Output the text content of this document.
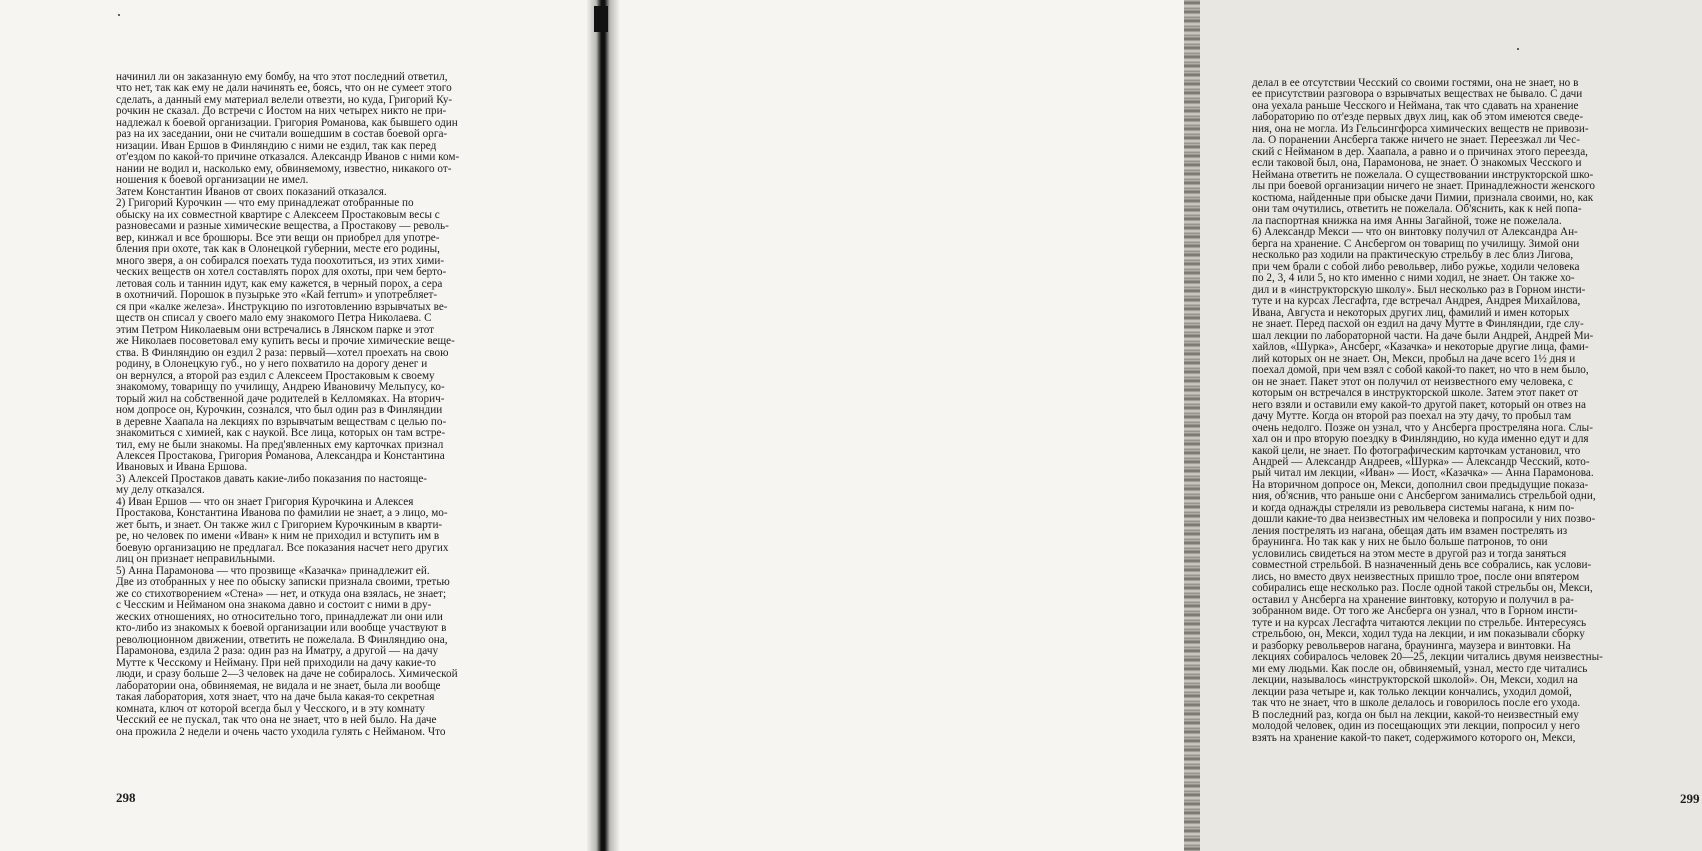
начинил ли он заказанную ему бомбу, на что этот последний ответил,

что нет, так как ему не дали начинять ее, боясь, что он не сумеет этого

сделать, а данный ему материал велели отвезти, но куда, Григорий Ку-

рочкин не сказал. До встречи с Иостом на них четырех никто не при-

надлежал к боевой организации. Григория Романова, как бывшего один

раз на их заседании, они не считали вошедшим в состав боевой орга-

низации. Иван Ершов в Финляндию с ними не ездил, так как перед

от'ездом по какой-то причине отказался. Александр Иванов с ними ком-

нании не водил и, насколько ему, обвиняемому, известно, никакого от-

ношения к боевой организации не имел.

Затем Константин Иванов от своих показаний отказался.

2) Григорий Курочкин — что ему принадлежат отобранные по

обыску на их совместной квартире с Алексеем Простаковым весы с

разновесами и разные химические вещества, а Простакову — револь-

вер, кинжал и все брошюры. Все эти вещи он приобрел для употре-

бления при охоте, так как в Олонецкой губернии, месте его родины,

много зверя, а он собирался поехать туда поохотиться, из этих хими-

ческих веществ он хотел составлять порох для охоты, при чем берто-

летовая соль и таннин идут, как ему кажется, в черный порох, а сера

в охотничий. Порошок в пузырьке это «Кай ferrum» и употребляет-

ся при «калке железа». Инструкцию по изготовлению взрывчатых ве-

ществ он списал у своего мало ему знакомого Петра Николаева. С

этим Петром Николаевым они встречались в Лянском парке и этот

же Николаев посоветовал ему купить весы и прочие химические веще-

ства. В Финляндию он ездил 2 раза: первый—хотел проехать на свою

родину, в Олонецкую губ., но у него похватило на дорогу денег и

он вернулся, а второй раз ездил с Алексеем Простаковым к своему

знакомому, товарищу по училищу, Андрею Ивановичу Мельпусу, ко-

торый жил на собственной даче родителей в Келломяках. На вторич-

ном допросе он, Курочкин, сознался, что был один раз в Финляндии

в деревне Хаапала на лекциях по взрывчатым веществам с целью по-

знакомиться с химией, как с наукой. Все лица, которых он там встре-

тил, ему не были знакомы. На пред'явленных ему карточках признал

Алексея Простакова, Григория Романова, Александра и Константина

Ивановых и Ивана Ершова.

3) Алексей Простаков давать какие-либо показания по настояще-

му делу отказался.

4) Иван Ершов — что он знает Григория Курочкина и Алексея

Простакова, Константина Иванова по фамилии не знает, а э лицо, мо-

жет быть, и знает. Он также жил с Григорием Курочкиным в кварти-

ре, но человек по имени «Иван» к ним не приходил и вступить им в

боевую организацию не предлагал. Все показания насчет него других

лиц он признает неправильными.

5) Анна Парамонова — что прозвище «Казачка» принадлежит ей.

Две из отобранных у нее по обыску записки признала своими, третью

же со стихотворением «Стена» — нет, и откуда она взялась, не знает;

с Чесским и Нейманом она знакома давно и состоит с ними в дру-

жеских отношениях, но относительно того, принадлежат ли они или

кто-либо из знакомых к боевой организации или вообще участвуют в

революционном движении, ответить не пожелала. В Финляндию она,

Парамонова, ездила 2 раза: один раз на Иматру, а другой — на дачу

Мутте к Чесскому и Нейману. При ней приходили на дачу какие-то

люди, и сразу больше 2—3 человек на даче не собиралось. Химической

лаборатории она, обвиняемая, не видала и не знает, была ли вообще

такая лаборатория, хотя знает, что на даче была какая-то секретная

комната, ключ от которой всегда был у Чесского, и в эту комнату

Чесский ее не пускал, так что она не знает, что в ней было. На даче

она прожила 2 недели и очень часто уходила гулять с Нейманом. Что

298

делал в ее отсутствии Чесский со своими гостями, она не знает, но в

ее присутствии разговора о взрывчатых веществах не бывало. С дачи

она уехала раньше Чесского и Неймана, так что сдавать на хранение

лабораторию по от'езде первых двух лиц, как об этом имеются сведе-

ния, она не могла. Из Гельсингфорса химических веществ не привози-

ла. О поранении Ансберга также ничего не знает. Переезжал ли Чес-

ский с Нейманом в дер. Хаапала, а равно и о причинах этого переезда,

если таковой был, она, Парамонова, не знает. О знакомых Чесского и

Неймана ответить не пожелала. О существовании инструкторской шко-

лы при боевой организации ничего не знает. Принадлежности женского

костюма, найденные при обыске дачи Пимии, признала своими, но, как

они там очутились, ответить не пожелала. Об'яснить, как к ней попа-

ла паспортная книжка на имя Анны Загайной, тоже не пожелала.

6) Александр Мекси — что он винтовку получил от Александра Ан-

берга на хранение. С Ансбергом он товарищ по училищу. Зимой они

несколько раз ходили на практическую стрельбу в лес близ Лигова,

при чем брали с собой либо револьвер, либо ружье, ходили человека

по 2, 3, 4 или 5, но кто именно с ними ходил, не знает. Он также хо-

дил и в «инструкторскую школу». Был несколько раз в Горном инсти-

туте и на курсах Лесгафта, где встречал Андрея, Андрея Михайлова,

Ивана, Августа и некоторых других лиц, фамилий и имен которых

не знает. Перед пасхой он ездил на дачу Мутте в Финляндии, где слу-

шал лекции по лабораторной части. На даче были Андрей, Андрей Ми-

хайлов, «Шурка», Ансберг, «Казачка» и некоторые другие лица, фами-

лий которых он не знает. Он, Мекси, пробыл на даче всего 1½ дня и

поехал домой, при чем взял с собой какой-то пакет, но что в нем было,

он не знает. Пакет этот он получил от неизвестного ему человека, с

которым он встречался в инструкторской школе. Затем этот пакет от

него взяли и оставили ему какой-то другой пакет, который он отвез на

дачу Мутте. Когда он второй раз поехал на эту дачу, то пробыл там

очень недолго. Позже он узнал, что у Ансберга простреляна нога. Слы-

хал он и про вторую поездку в Финляндию, но куда именно едут и для

какой цели, не знает. По фотографическим карточкам установил, что

Андрей — Александр Андреев, «Шурка» — Александр Чесский, кото-

рый читал им лекции, «Иван» — Иост, «Казачка» — Анна Парамонова.

На вторичном допросе он, Мекси, дополнил свои предыдущие показа-

ния, об'яснив, что раньше они с Ансбергом занимались стрельбой одни,

и когда однажды стреляли из револьвера системы нагана, к ним по-

дошли какие-то два неизвестных им человека и попросили у них позво-

ления пострелять из нагана, обещая дать им взамен пострелять из

браунинга. Но так как у них не было больше патронов, то они

условились свидеться на этом месте в другой раз и тогда заняться

совместной стрельбой. В назначенный день все собрались, как услови-

лись, но вместо двух неизвестных пришло трое, после они впятером

собирались еще несколько раз. После одной такой стрельбы он, Мекси,

оставил у Ансберга на хранение винтовку, которую и получил в ра-

зобранном виде. От того же Ансберга он узнал, что в Горном инсти-

туте и на курсах Лесгафта читаются лекции по стрельбе. Интересуясь

стрельбою, он, Мекси, ходил туда на лекции, и им показывали сборку

и разборку револьверов нагана, браунинга, маузера и винтовки. На

лекциях собиралось человек 20—25, лекции читались двумя неизвестны-

ми ему людьми. Как после он, обвиняемый, узнал, место где читались

лекции, называлось «инструкторской школой». Он, Мекси, ходил на

лекции раза четыре и, как только лекции кончались, уходил домой,

так что не знает, что в школе делалось и говорилось после его ухода.

В последний раз, когда он был на лекции, какой-то неизвестный ему

молодой человек, один из посещающих эти лекции, попросил у него

взять на хранение какой-то пакет, содержимого которого он, Мекси,

299
